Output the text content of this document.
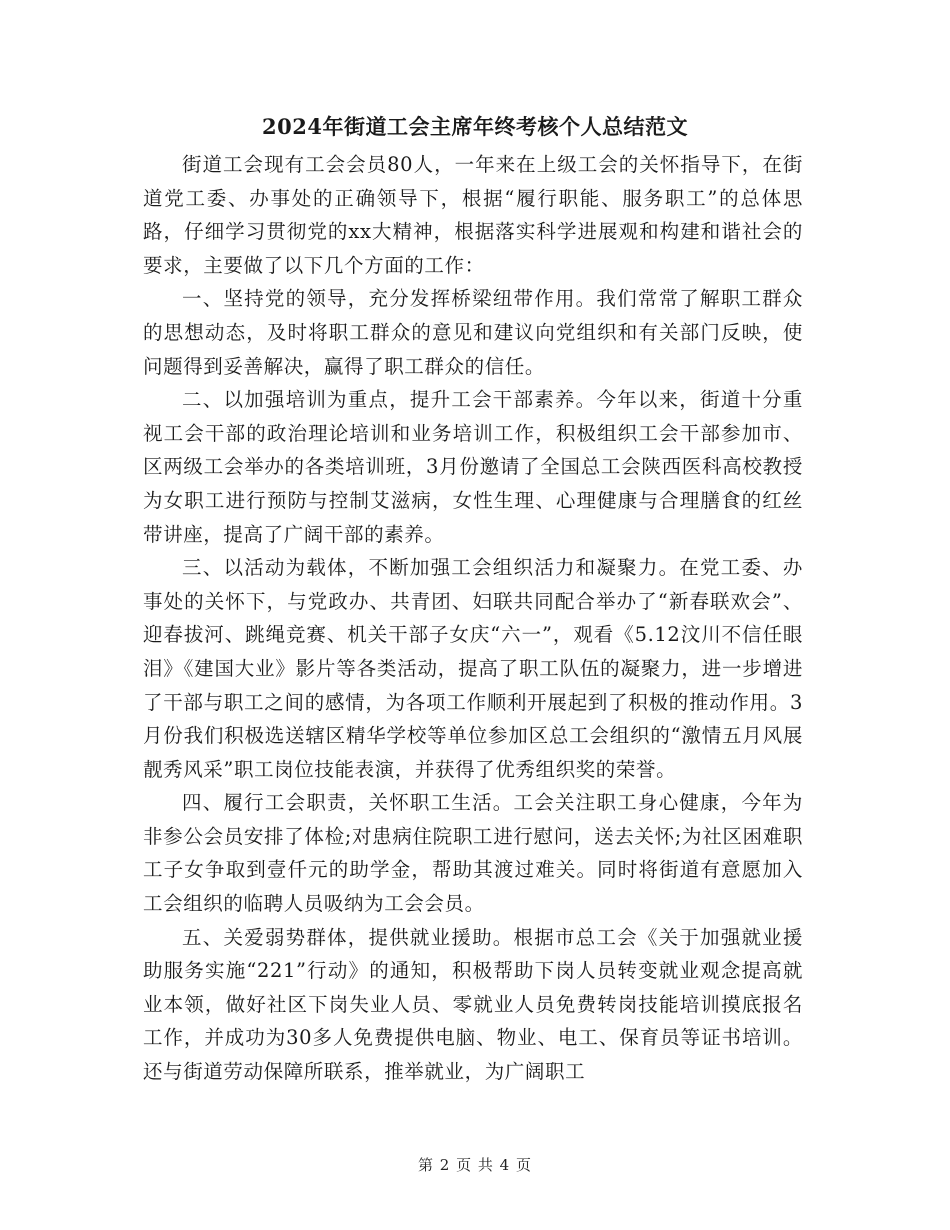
2024年街道工会主席年终考核个人总结范文

街道工会现有工会会员80人，一年来在上级工会的关怀指导下，在街道党工委、办事处的正确领导下，根据“履行职能、服务职工”的总体思路，仔细学习贯彻党的xx大精神，根据落实科学进展观和构建和谐社会的要求，主要做了以下几个方面的工作：

一、坚持党的领导，充分发挥桥梁纽带作用。我们常常了解职工群众的思想动态，及时将职工群众的意见和建议向党组织和有关部门反映，使问题得到妥善解决，赢得了职工群众的信任。

二、以加强培训为重点，提升工会干部素养。今年以来，街道十分重视工会干部的政治理论培训和业务培训工作，积极组织工会干部参加市、区两级工会举办的各类培训班，3月份邀请了全国总工会陕西医科高校教授为女职工进行预防与控制艾滋病，女性生理、心理健康与合理膳食的红丝带讲座，提高了广阔干部的素养。

三、以活动为载体，不断加强工会组织活力和凝聚力。在党工委、办事处的关怀下，与党政办、共青团、妇联共同配合举办了“新春联欢会”、迎春拔河、跳绳竞赛、机关干部子女庆“六一”，观看《5.12汶川不信任眼泪》《建国大业》影片等各类活动，提高了职工队伍的凝聚力，进一步增进了干部与职工之间的感情，为各项工作顺利开展起到了积极的推动作用。3月份我们积极选送辖区精华学校等单位参加区总工会组织的“激情五月风展靓秀风采”职工岗位技能表演，并获得了优秀组织奖的荣誉。

四、履行工会职责，关怀职工生活。工会关注职工身心健康，今年为非参公会员安排了体检;对患病住院职工进行慰问，送去关怀;为社区困难职工子女争取到壹仟元的助学金，帮助其渡过难关。同时将街道有意愿加入工会组织的临聘人员吸纳为工会会员。

五、关爱弱势群体，提供就业援助。根据市总工会《关于加强就业援助服务实施“221”行动》的通知，积极帮助下岗人员转变就业观念提高就业本领，做好社区下岗失业人员、零就业人员免费转岗技能培训摸底报名工作，并成功为30多人免费提供电脑、物业、电工、保育员等证书培训。还与街道劳动保障所联系，推举就业，为广阔职工

第 2 页 共 4 页
